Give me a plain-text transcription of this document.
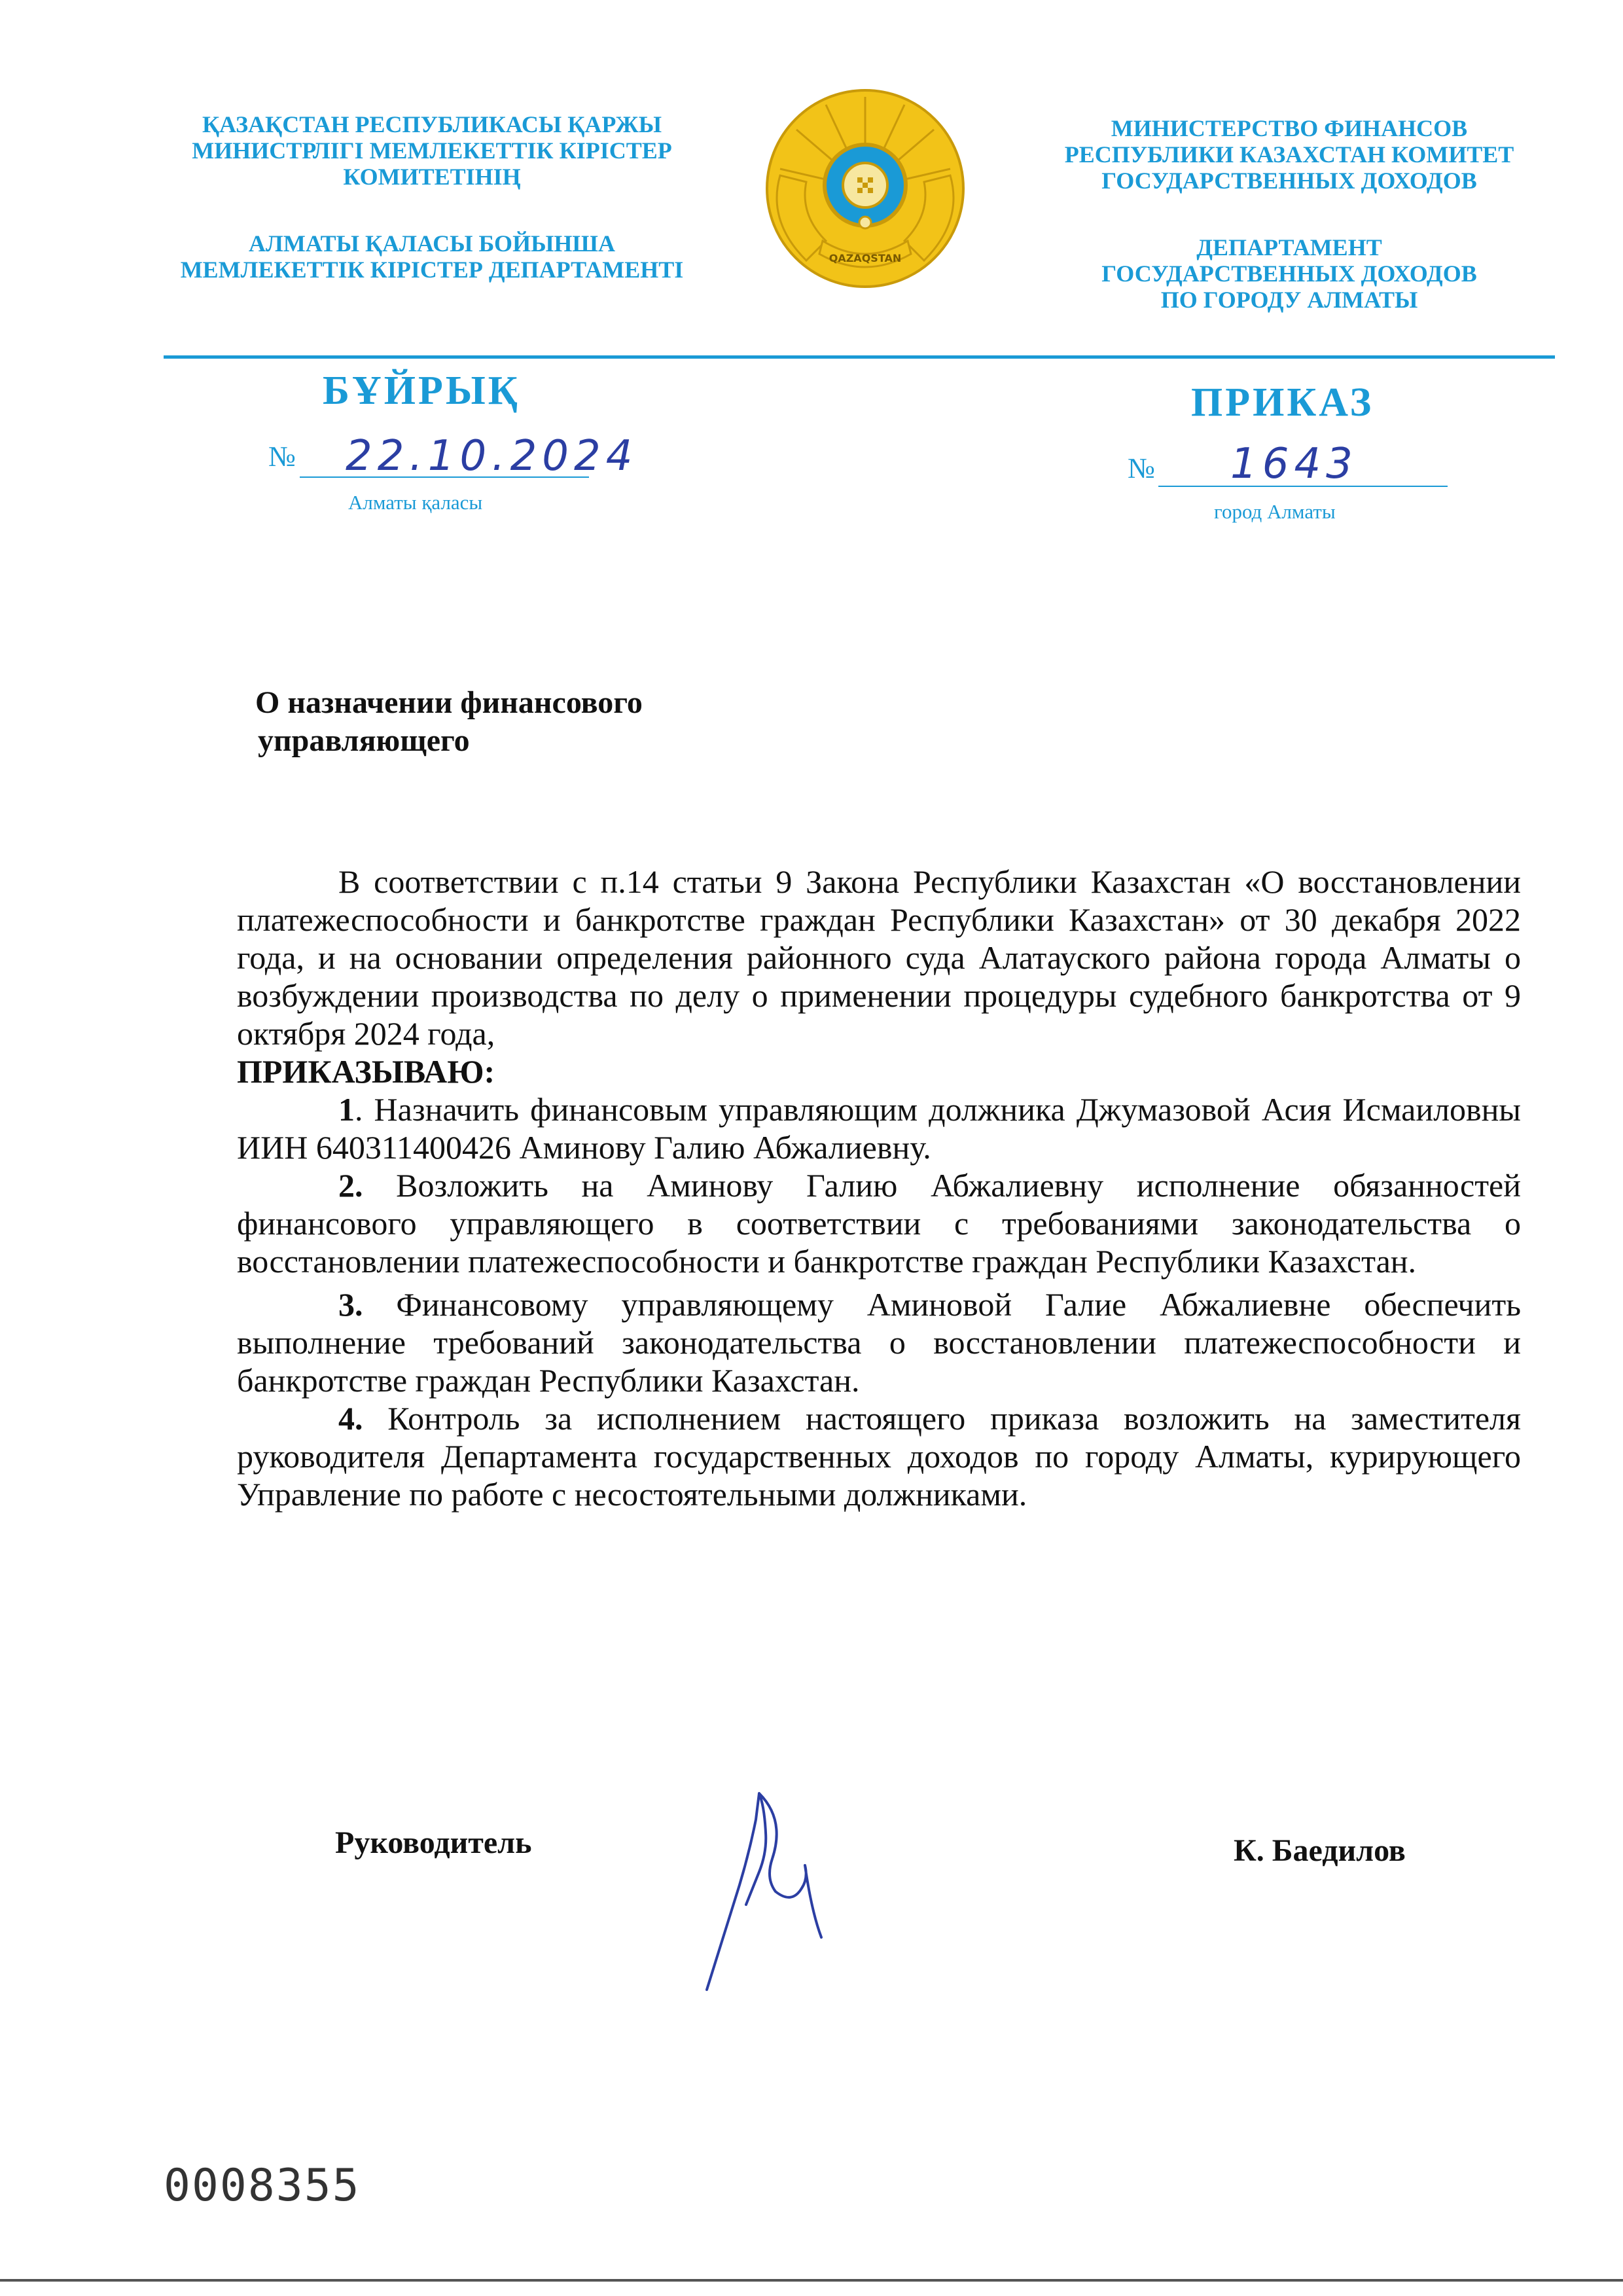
ҚАЗАҚСТАН РЕСПУБЛИКАСЫ ҚАРЖЫ

МИНИСТРЛІГІ МЕМЛЕКЕТТІК КІРІСТЕР

КОМИТЕТІНІҢ

АЛМАТЫ ҚАЛАСЫ БОЙЫНША

МЕМЛЕКЕТТІК КІРІСТЕР ДЕПАРТАМЕНТІ	QAZAQSTAN

МИНИСТЕРСТВО ФИНАНСОВ

РЕСПУБЛИКИ КАЗАХСТАН КОМИТЕТ

ГОСУДАРСТВЕННЫХ ДОХОДОВ

ДЕПАРТАМЕНТ

ГОСУДАРСТВЕННЫХ ДОХОДОВ

ПО ГОРОДУ АЛМАТЫ

БҰЙРЫҚ	ПРИКАЗ
№ 22.10.2024
Алматы қаласы
№ 1643
город Алматы

О назначении финансового

управляющего

В соответствии с п.14 статьи 9 Закона Республики Казахстан «О восстановлении платежеспособности и банкротстве граждан Республики Казахстан» от 30 декабря 2022 года, и на основании определения районного суда Алатауского района города Алматы о возбуждении производства по делу о применении процедуры судебного банкротства от 9 октября 2024 года,

ПРИКАЗЫВАЮ:

1. Назначить финансовым управляющим должника Джумазовой Асия Исмаиловны ИИН 640311400426 Аминову Галию Абжалиевну.

2. Возложить на Аминову Галию Абжалиевну исполнение обязанностей финансового управляющего в соответствии с требованиями законодательства о восстановлении платежеспособности и банкротстве граждан Республики Казахстан.

3. Финансовому управляющему Аминовой Галие Абжалиевне обеспечить выполнение требований законодательства о восстановлении платежеспособности и банкротстве граждан Республики Казахстан.

4. Контроль за исполнением настоящего приказа возложить на заместителя руководителя Департамента государственных доходов по городу Алматы, курирующего Управление по работе с несостоятельными должниками.

Руководитель	К. Баедилов
0008355
